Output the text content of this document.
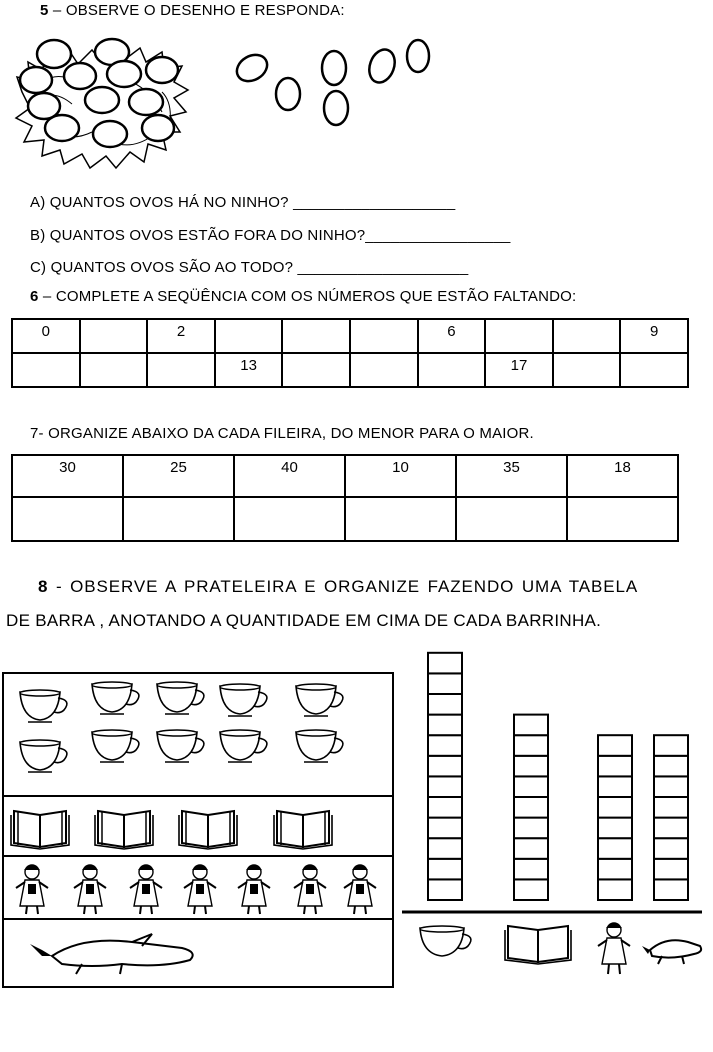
5 – OBSERVE O DESENHO E RESPONDA:
A) QUANTOS OVOS HÁ NO NINHO? ___________________
B) QUANTOS OVOS ESTÃO FORA DO NINHO?_________________
C) QUANTOS OVOS SÃO AO TODO? ____________________
6 – COMPLETE A SEQÜÊNCIA COM OS NÚMEROS QUE ESTÃO FALTANDO:
0		2				6			9
			13				17		
7- ORGANIZE ABAIXO DA CADA FILEIRA, DO MENOR PARA O MAIOR.
30	25	40	10	35	18

8 - OBSERVE A PRATELEIRA E ORGANIZE FAZENDO UMA TABELA
DE BARRA , ANOTANDO A QUANTIDADE EM CIMA DE CADA BARRINHA.
